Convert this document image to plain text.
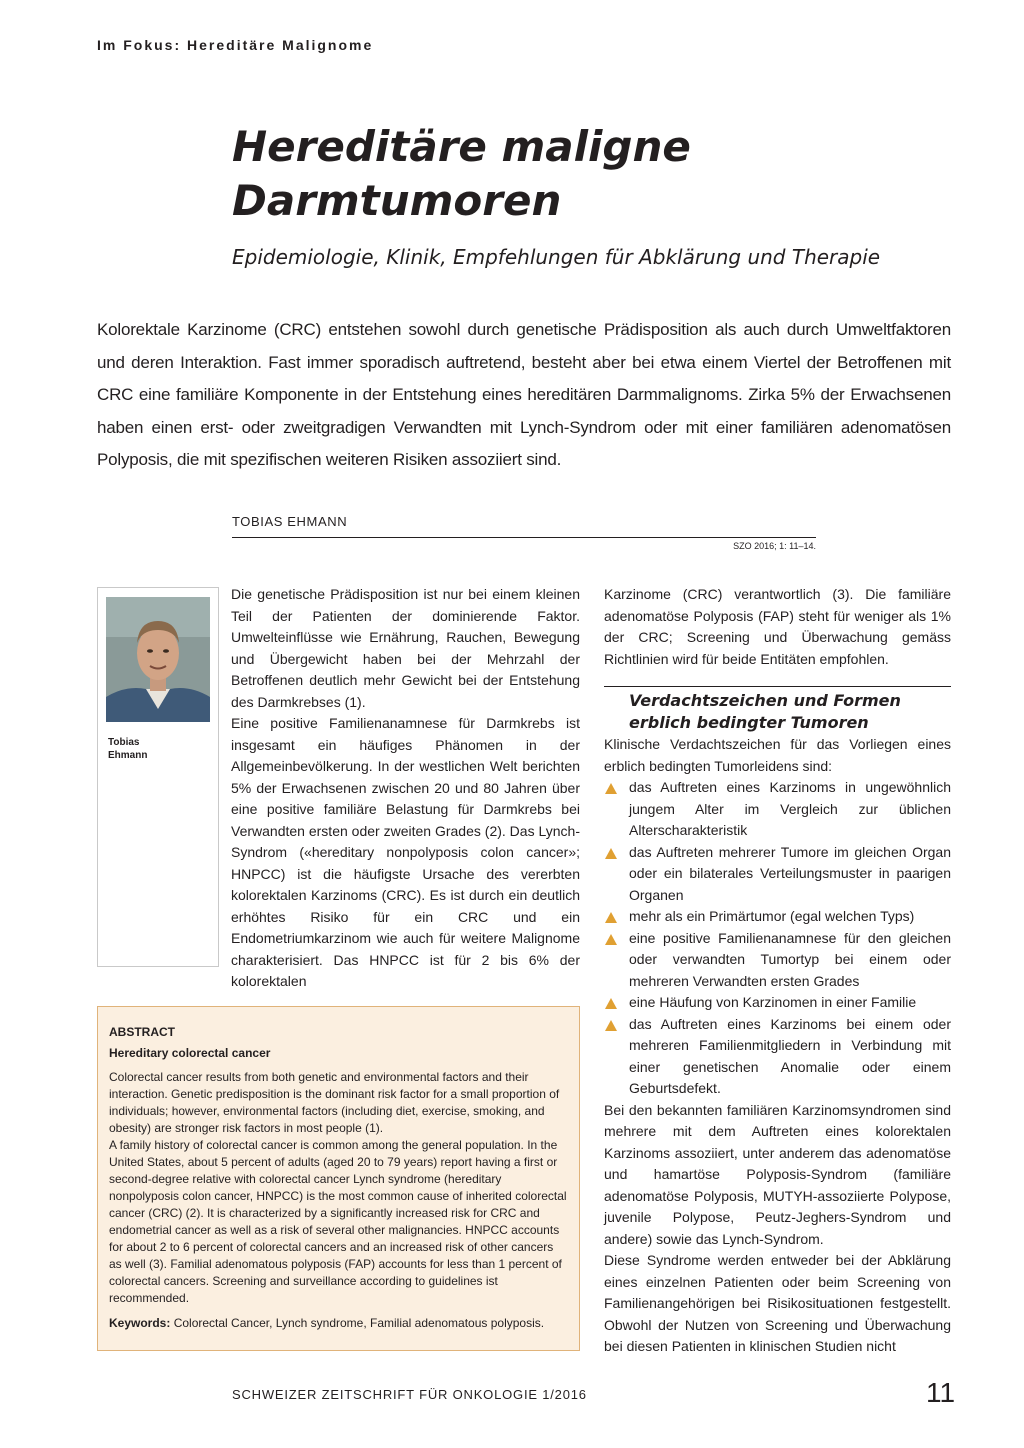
Im Fokus: Hereditäre Malignome
Hereditäre maligne Darmtumoren
Epidemiologie, Klinik, Empfehlungen für Abklärung und Therapie
Kolorektale Karzinome (CRC) entstehen sowohl durch genetische Prädisposition als auch durch Umweltfaktoren und deren Interaktion. Fast immer sporadisch auftretend, besteht aber bei etwa einem Viertel der Betroffenen mit CRC eine familiäre Komponente in der Entstehung eines hereditären Darmmalignoms. Zirka 5% der Erwachsenen haben einen erst- oder zweitgradigen Verwandten mit Lynch-Syndrom oder mit einer familiären adenomatösen Polyposis, die mit spezifischen weiteren Risiken assoziiert sind.
TOBIAS EHMANN
SZO 2016; 1: 11–14.
Tobias
Ehmann

Die genetische Prädisposition ist nur bei einem kleinen Teil der Patienten der dominierende Faktor. Umwelteinflüsse wie Ernährung, Rauchen, Bewegung und Übergewicht haben bei der Mehrzahl der Betroffenen deutlich mehr Gewicht bei der Entstehung des Darmkrebses (1).

Eine positive Familienanamnese für Darmkrebs ist insgesamt ein häufiges Phänomen in der Allgemeinbevölkerung. In der westlichen Welt berichten 5% der Erwachsenen zwischen 20 und 80 Jahren über eine positive familiäre Belastung für Darmkrebs bei Verwandten ersten oder zweiten Grades (2). Das Lynch-Syndrom («hereditary nonpolyposis colon cancer»; HNPCC) ist die häufigste Ursache des vererbten kolorektalen Karzinoms (CRC). Es ist durch ein deutlich erhöhtes Risiko für ein CRC und ein Endometriumkarzinom wie auch für weitere Malignome charakterisiert. Das HNPCC ist für 2 bis 6% der kolorektalen

Karzinome (CRC) verantwortlich (3). Die familiäre adenomatöse Polyposis (FAP) steht für weniger als 1% der CRC; Screening und Überwachung gemäss Richtlinien wird für beide Entitäten empfohlen.

Verdachtszeichen und Formen
erblich bedingter Tumoren

Klinische Verdachtszeichen für das Vorliegen eines erblich bedingten Tumorleidens sind:

das Auftreten eines Karzinoms in ungewöhnlich jungem Alter im Vergleich zur üblichen Alterscharakteristik
das Auftreten mehrerer Tumore im gleichen Organ oder ein bilaterales Verteilungsmuster in paarigen Organen
mehr als ein Primärtumor (egal welchen Typs)
eine positive Familienanamnese für den gleichen oder verwandten Tumortyp bei einem oder mehreren Verwandten ersten Grades
eine Häufung von Karzinomen in einer Familie
das Auftreten eines Karzinoms bei einem oder mehreren Familienmitgliedern in Verbindung mit einer genetischen Anomalie oder einem Geburtsdefekt.

Bei den bekannten familiären Karzinomsyndromen sind mehrere mit dem Auftreten eines kolorektalen Karzinoms assoziiert, unter anderem das adenomatöse und hamartöse Polyposis-Syndrom (familiäre adenomatöse Polyposis, MUTYH-assoziierte Polypose, juvenile Polypose, Peutz-Jeghers-Syndrom und andere) sowie das Lynch-Syndrom.

Diese Syndrome werden entweder bei der Abklärung eines einzelnen Patienten oder beim Screening von Familienangehörigen bei Risikosituationen festgestellt. Obwohl der Nutzen von Screening und Überwachung bei diesen Patienten in klinischen Studien nicht

ABSTRACT
Hereditary colorectal cancer

Colorectal cancer results from both genetic and environmental factors and their interaction. Genetic predisposition is the dominant risk factor for a small proportion of individuals; however, environmental factors (including diet, exercise, smoking, and obesity) are stronger risk factors in most people (1).

A family history of colorectal cancer is common among the general population. In the United States, about 5 percent of adults (aged 20 to 79 years) report having a first or second-degree relative with colorectal cancer Lynch syndrome (hereditary nonpolyposis colon cancer, HNPCC) is the most common cause of inherited colorectal cancer (CRC) (2). It is characterized by a significantly increased risk for CRC and endometrial cancer as well as a risk of several other malignancies. HNPCC accounts for about 2 to 6 percent of colorectal cancers and an increased risk of other cancers as well (3). Familial adenomatous polyposis (FAP) accounts for less than 1 percent of colorectal cancers. Screening and surveillance according to guidelines ist recommended.

Keywords: Colorectal Cancer, Lynch syndrome, Familial adenomatous polyposis.
SCHWEIZER ZEITSCHRIFT FÜR ONKOLOGIE 1/2016	11
